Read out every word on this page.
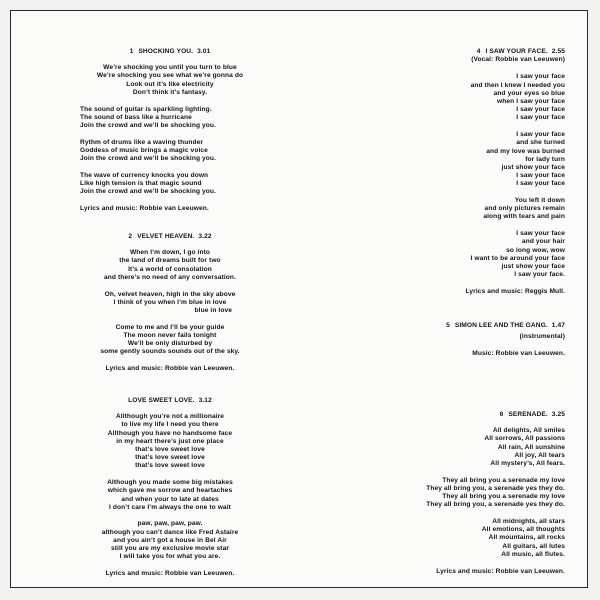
1 SHOCKING YOU. 3.01
We’re shocking you until you turn to blue
We’re shocking you see what we’re gonna do
Look out it’s like electricity
Don’t think it’s fantasy.
The sound of guitar is sparkling lighting.
The sound of bass like a hurricane
Join the crowd and we’ll be shocking you.
Rythm of drums like a waving thunder
Goddess of music brings a magic voice
Join the crowd and we’ll be shocking you.
The wave of currency knocks you down
Like high tension is that magic sound
Join the crowd and we’ll be shocking you.
Lyrics and music: Robbie van Leeuwen.
2 VELVET HEAVEN. 3.22
When I’m down, I go into
the land of dreams built for two
It’s a world of consolation
and there’s no need of any conversation.
Oh, velvet heaven, high in the sky above
I think of you when I’m blue in love
blue in love
Come to me and I’ll be your guide
The moon never fails tonight
We’ll be only disturbed by
some gently sounds sounds out of the sky.
Lyrics and music: Robbie van Leeuwen.
LOVE SWEET LOVE. 3.12
Allthough you’re not a millionaire
to live my life I need you there
Allthough you have no handsome face
in my heart there’s just one place
that’s love sweet love
that’s love sweet love
that’s love sweet love
Although you made some big mistakes
which gave me sorrow and heartaches
and when your to late at dates
I don’t care I’m always the one to wait
paw, paw, paw, paw.
although you can’t dance like Fred Astaire
and you ain’t got a house in Bel Air
still you are my exclusive movie star
I will take you for what you are.
Lyrics and music: Robbie van Leeuwen.
4 I SAW YOUR FACE. 2.55
(Vocal: Robbie van Leeuwen)
I saw your face
and then I knew I needed you
and your eyes so blue
when I saw your face
I saw your face
I saw your face
I saw your face
and she turned
and my love was burned
for lady turn
just show your face
I saw your face
I saw your face
You left it down
and only pictures remain
along with tears and pain
I saw your face
and your hair
so long wow, wow
I want to be around your face
just show your face
I saw your face.
Lyrics and music: Reggis Mull.
5 SIMON LEE AND THE GANG. 1.47
(instrumental)
Music: Robbie van Leeuwen.
6 SERENADE. 3.25
All delights, All smiles
All sorrows, All passions
All rain, All sunshine
All joy, All tears
All mystery’s, All fears.
They all bring you a serenade my love
They all bring you, a serenade yes they do.
They all bring you a serenade my love
They all bring you, a serenade yes they do.
All midnights, all stars
All emotions, all thoughts
All mountains, all rocks
All guitars, all lutes
All music, all flutes.
Lyrics and music: Robbie van Leeuwen.
